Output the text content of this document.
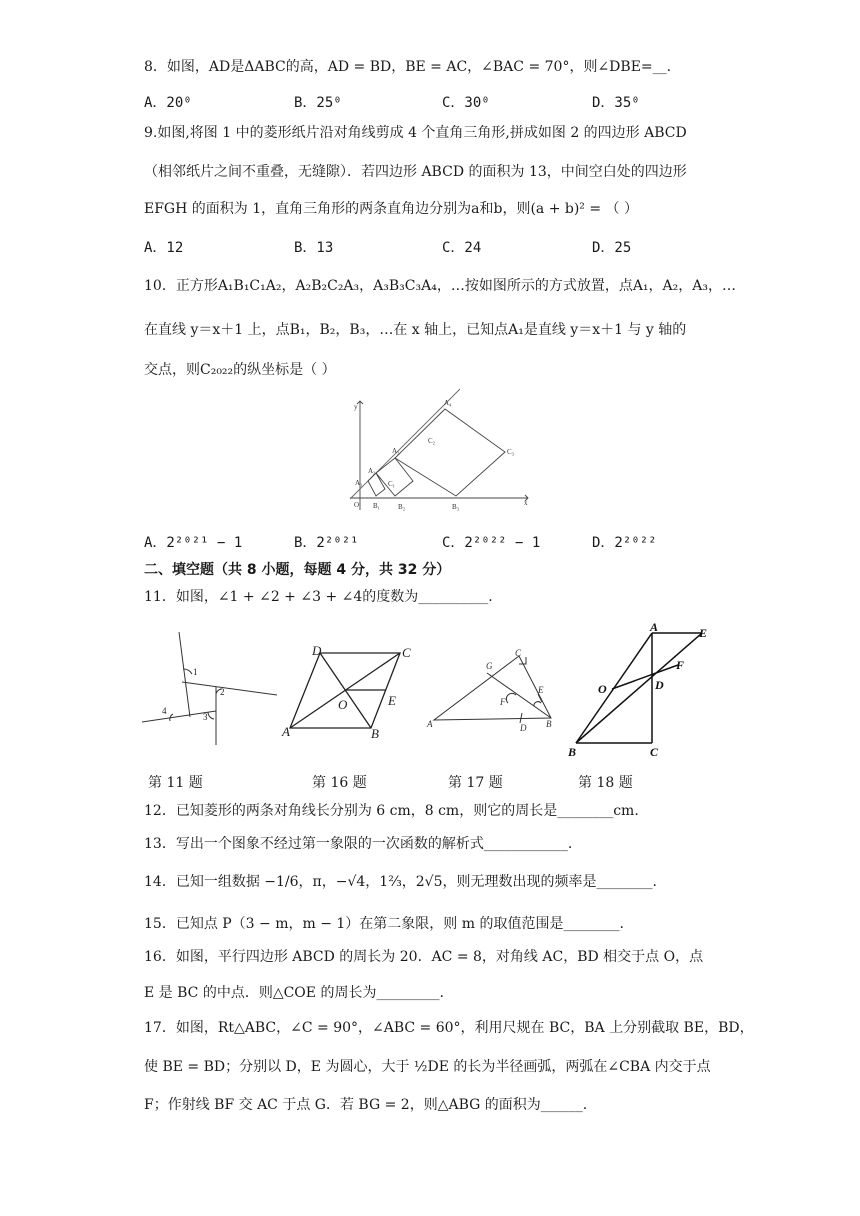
8．如图，AD是ΔABC的高，AD = BD，BE = AC，∠BAC = 70°，则∠DBE=__.
A．20⁰	B．25⁰	C．30⁰	D．35⁰
9.如图,将图 1 中的菱形纸片沿对角线剪成 4 个直角三角形,拼成如图 2 的四边形 ABCD
（相邻纸片之间不重叠，无缝隙）．若四边形 ABCD 的面积为 13，中间空白处的四边形
EFGH 的面积为 1，直角三角形的两条直角边分别为a和b，则(a + b)² = （ ）
A．12	B．13	C．24	D．25
10．正方形A₁B₁C₁A₂，A₂B₂C₂A₃，A₃B₃C₃A₄，…按如图所示的方式放置，点A₁，A₂，A₃，…
在直线 y＝x＋1 上，点B₁，B₂，B₃，…在 x 轴上，已知点A₁是直线 y＝x＋1 与 y 轴的
交点，则C₂₀₂₂的纵坐标是（ ）
y
x
O
A₁
A₂
A₃
A₄
B₁	B₂	B₃
C₁
C₂
C₃
A．2²⁰²¹ − 1	B．2²⁰²¹	C．2²⁰²² − 1	D．2²⁰²²
二、填空题（共 8 小题，每题 4 分，共 32 分）
11．如图，∠1 + ∠2 + ∠3 + ∠4的度数为__________.
1
2
3
4
D	C
O	E
A	B
C
G
F
E
A	D B
A	E
F
O	D
B	C
第 11 题	第 16 题	第 17 题	第 18 题
12．已知菱形的两条对角线长分别为 6 cm，8 cm，则它的周长是________cm.
13．写出一个图象不经过第一象限的一次函数的解析式____________.
14．已知一组数据 −1/6，π，−√4，1⅔，2√5，则无理数出现的频率是________.
15．已知点 P（3 − m，m − 1）在第二象限，则 m 的取值范围是________.
16．如图，平行四边形 ABCD 的周长为 20．AC = 8，对角线 AC，BD 相交于点 O，点
E 是 BC 的中点．则△COE 的周长为_________.
17．如图，Rt△ABC，∠C = 90°，∠ABC = 60°，利用尺规在 BC，BA 上分别截取 BE，BD，
使 BE = BD；分别以 D，E 为圆心，大于 ½DE 的长为半径画弧，两弧在∠CBA 内交于点
F；作射线 BF 交 AC 于点 G．若 BG = 2，则△ABG 的面积为______.
